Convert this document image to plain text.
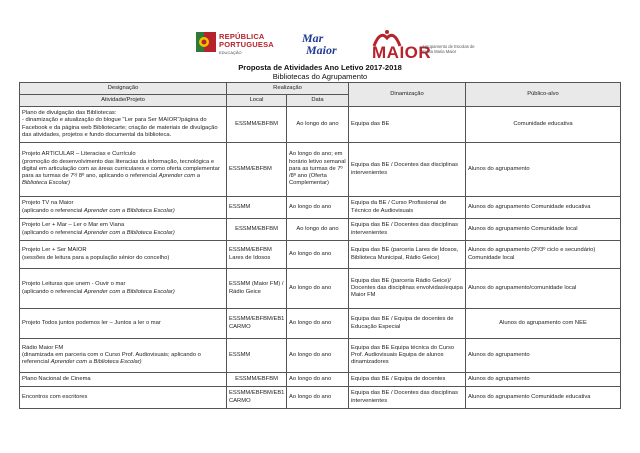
REPÚBLICA
PORTUGUESA
EDUCAÇÃO
Mar
Maior	MAIOR
Agrupamento de Escolas de Santa Maria Maior
Proposta de Atividades Ano Letivo 2017-2018
Bibliotecas do Agrupamento
Designação	Realização		Dinamização	Público-alvo
Atividade/Projeto	Local	Data		
Plano de divulgação das Bibliotecas:
- dinamização e atualização do blogue "Ler para Ser MAIOR"/página do Facebook e da página web Bibliotecarte; criação de materiais de divulgação das atividades, projetos e fundo documental da biblioteca.	ESSMM/EBFBM	Ao longo do ano	Equipa das BE	Comunidade educativa
Projeto ARTICULAR – Literacias e Currículo
(promoção do desenvolvimento das literacias da informação, tecnológica e digital em articulação com as áreas curriculares e como oferta complementar para as turmas de 7º/ 8º ano, aplicando o referencial Aprender com a Biblioteca Escolar)	ESSMM/EBFBM	Ao longo do ano; em horário letivo semanal para as turmas de 7º /8º ano (Oferta Complementar)	Equipa das BE / Docentes das disciplinas intervenientes	Alunos do agrupamento
Projeto TV na Maior
(aplicando o referencial Aprender com a Biblioteca Escolar)	ESSMM	Ao longo do ano	Equipa da BE / Curso Profissional de Técnico de Audiovisuais	Alunos do agrupamento Comunidade educativa
Projeto Ler + Mar – Ler o Mar em Viana
(aplicando o referencial Aprender com a Biblioteca Escolar)	ESSMM/EBFBM	Ao longo do ano	Equipa das BE / Docentes das disciplinas intervenientes	Alunos do agrupamento Comunidade local
Projeto Ler + Ser MAIOR
(sessões de leitura para a população sénior do concelho)	ESSMM/EBFBM Lares de Idosos	Ao longo do ano	Equipa das BE (parceria Lares de Idosos, Biblioteca Municipal, Rádio Geice)	Alunos do agrupamento (2º/3º ciclo e secundário) Comunidade local
Projeto Leituras que unem - Ouvir o mar
(aplicando o referencial Aprender com a Biblioteca Escolar)	ESSMM (Maior FM) / Rádio Geice	Ao longo do ano	Equipa das BE (parceria Rádio Geice)/ Docentes das disciplinas envolvidas/equipa Maior FM	Alunos do agrupamento/comunidade local
Projeto Todos juntos podemos ler – Juntos a ler o mar	ESSMM/EBFBM/EB1 CARMO	Ao longo do ano	Equipa das BE / Equipa de docentes de Educação Especial	Alunos do agrupamento com NEE
Rádio Maior FM
(dinamizada em parceria com o Curso Prof. Audiovisuais; aplicando o referencial Aprender com a Biblioteca Escolar)	ESSMM	Ao longo do ano	Equipa das BE Equipa técnica do Curso Prof. Audiovisuais Equipa de alunos dinamizadores	Alunos do agrupamento
Plano Nacional de Cinema	ESSMM/EBFBM	Ao longo do ano	Equipa das BE / Equipa de docentes	Alunos do agrupamento
Encontros com escritores	ESSMM/EBFBM/EB1 CARMO	Ao longo do ano	Equipa das BE / Docentes das disciplinas intervenientes	Alunos do agrupamento Comunidade educativa
